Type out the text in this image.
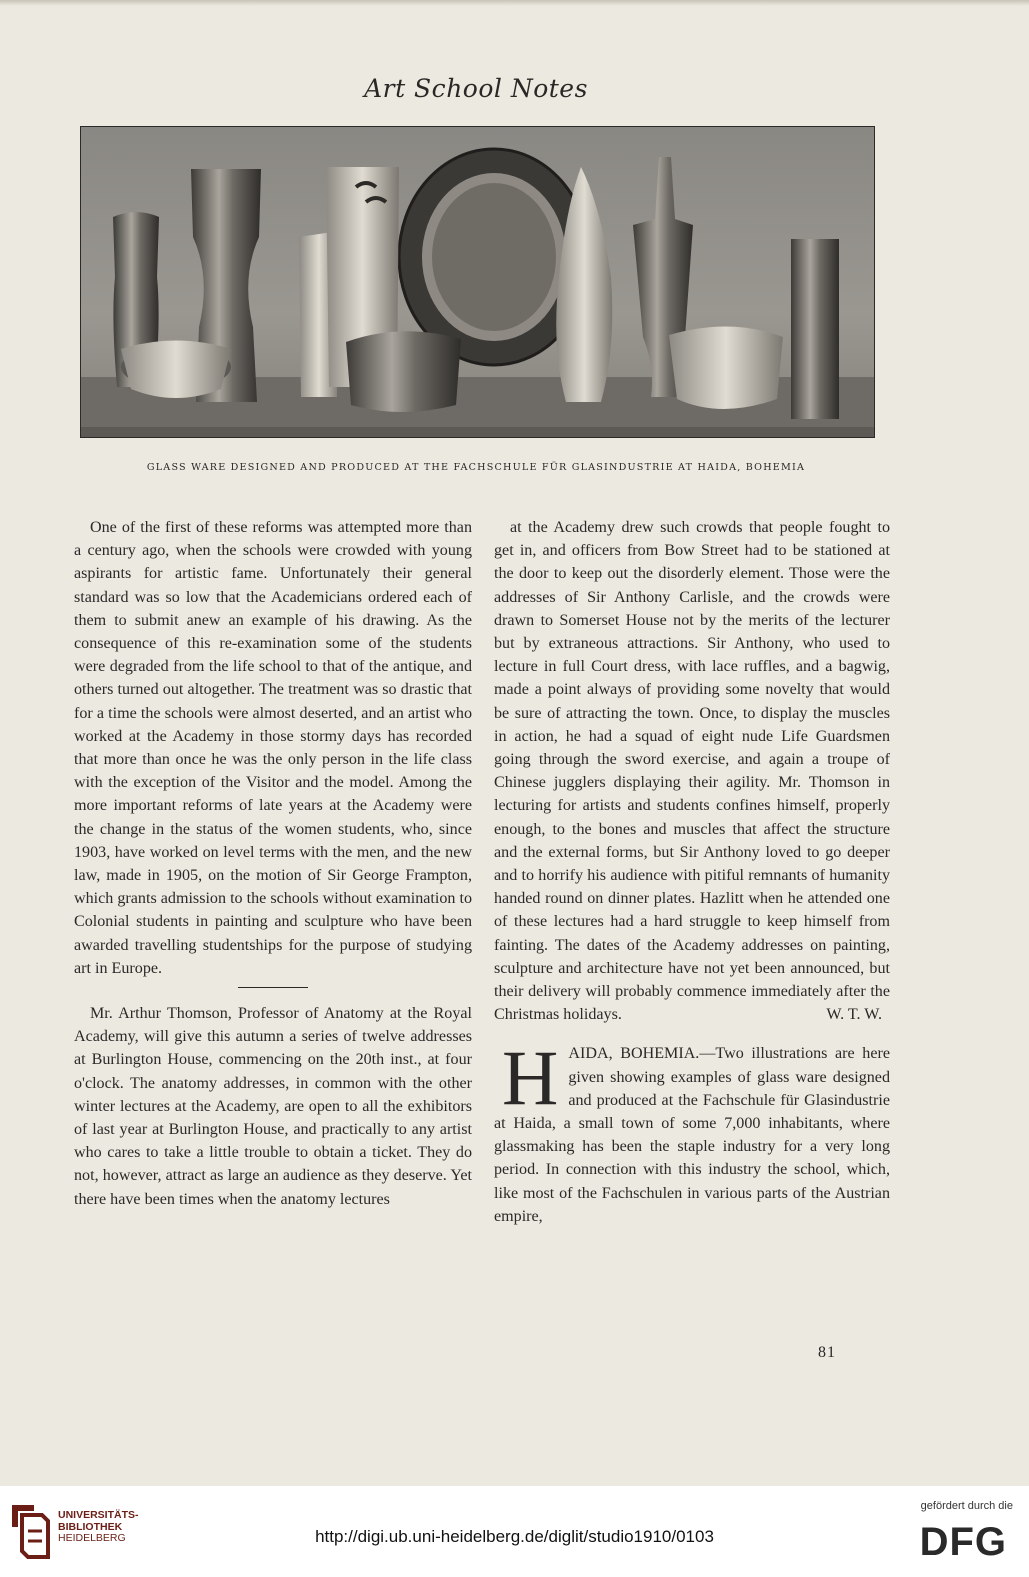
Art School Notes
GLASS WARE DESIGNED AND PRODUCED AT THE FACHSCHULE FÜR GLASINDUSTRIE AT HAIDA, BOHEMIA

One of the first of these reforms was attempted more than a century ago, when the schools were crowded with young aspirants for artistic fame. Unfortunately their general standard was so low that the Academicians ordered each of them to submit anew an example of his drawing. As the consequence of this re-examination some of the students were degraded from the life school to that of the antique, and others turned out altogether. The treatment was so drastic that for a time the schools were almost deserted, and an artist who worked at the Academy in those stormy days has recorded that more than once he was the only person in the life class with the exception of the Visitor and the model. Among the more important reforms of late years at the Academy were the change in the status of the women students, who, since 1903, have worked on level terms with the men, and the new law, made in 1905, on the motion of Sir George Frampton, which grants admission to the schools without examination to Colonial students in painting and sculpture who have been awarded travelling studentships for the purpose of studying art in Europe.

Mr. Arthur Thomson, Professor of Anatomy at the Royal Academy, will give this autumn a series of twelve addresses at Burlington House, commencing on the 20th inst., at four o'clock. The anatomy addresses, in common with the other winter lectures at the Academy, are open to all the exhibitors of last year at Burlington House, and practically to any artist who cares to take a little trouble to obtain a ticket. They do not, however, attract as large an audience as they deserve. Yet there have been times when the anatomy lectures

at the Academy drew such crowds that people fought to get in, and officers from Bow Street had to be stationed at the door to keep out the disorderly element. Those were the addresses of Sir Anthony Carlisle, and the crowds were drawn to Somerset House not by the merits of the lecturer but by extraneous attractions. Sir Anthony, who used to lecture in full Court dress, with lace ruffles, and a bagwig, made a point always of providing some novelty that would be sure of attracting the town. Once, to display the muscles in action, he had a squad of eight nude Life Guardsmen going through the sword exercise, and again a troupe of Chinese jugglers displaying their agility. Mr. Thomson in lecturing for artists and students confines himself, properly enough, to the bones and muscles that affect the structure and the external forms, but Sir Anthony loved to go deeper and to horrify his audience with pitiful remnants of humanity handed round on dinner plates. Hazlitt when he attended one of these lectures had a hard struggle to keep himself from fainting. The dates of the Academy addresses on painting, sculpture and architecture have not yet been announced, but their delivery will probably commence immediately after the Christmas holidays.	W. T. W.

HAIDA, BOHEMIA.—Two illustrations are here given showing examples of glass ware designed and produced at the Fachschule für Glasindustrie at Haida, a small town of some 7,000 inhabitants, where glassmaking has been the staple industry for a very long period. In connection with this industry the school, which, like most of the Fachschulen in various parts of the Austrian empire,

81
UNIVERSITÄTS-
BIBLIOTHEK
HEIDELBERG	http://digi.ub.uni-heidelberg.de/diglit/studio1910/0103
gefördert durch die
DFG
